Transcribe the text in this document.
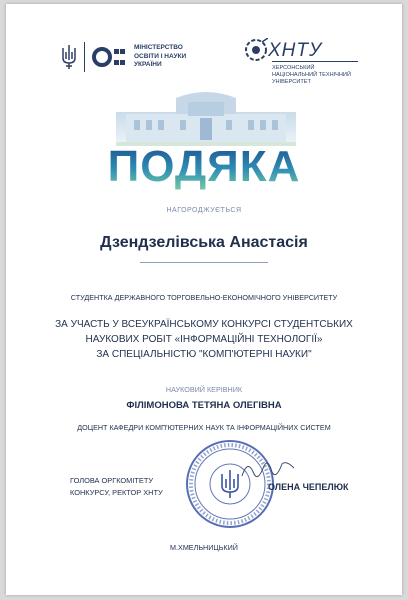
МІНІСТЕРСТВО
ОСВІТИ І НАУКИ
УКРАЇНИ
ХНТУ
ХЕРСОНСЬКИЙ
НАЦІОНАЛЬНИЙ ТЕХНІЧНИЙ
УНІВЕРСИТЕТ
ПОДЯКА
НАГОРОДЖУЄТЬСЯ
Дзендзелівська Анастасія
СТУДЕНТКА ДЕРЖАВНОГО ТОРГОВЕЛЬНО-ЕКОНОМІЧНОГО УНІВЕРСИТЕТУ
ЗА УЧАСТЬ У ВСЕУКРАЇНСЬКОМУ КОНКУРСІ СТУДЕНТСЬКИХ
НАУКОВИХ РОБІТ «ІНФОРМАЦІЙНІ ТЕХНОЛОГІЇ»
ЗА СПЕЦІАЛЬНІСТЮ "КОМП'ЮТЕРНІ НАУКИ"
НАУКОВИЙ КЕРІВНИК
ФІЛІМОНОВА ТЕТЯНА ОЛЕГІВНА
ДОЦЕНТ КАФЕДРИ КОМП'ЮТЕРНИХ НАУК ТА ІНФОРМАЦІЙНИХ СИСТЕМ
ГОЛОВА ОРГКОМІТЕТУ
КОНКУРСУ, РЕКТОР ХНТУ
ОЛЕНА ЧЕПЕЛЮК
М.ХМЕЛЬНИЦЬКИЙ
